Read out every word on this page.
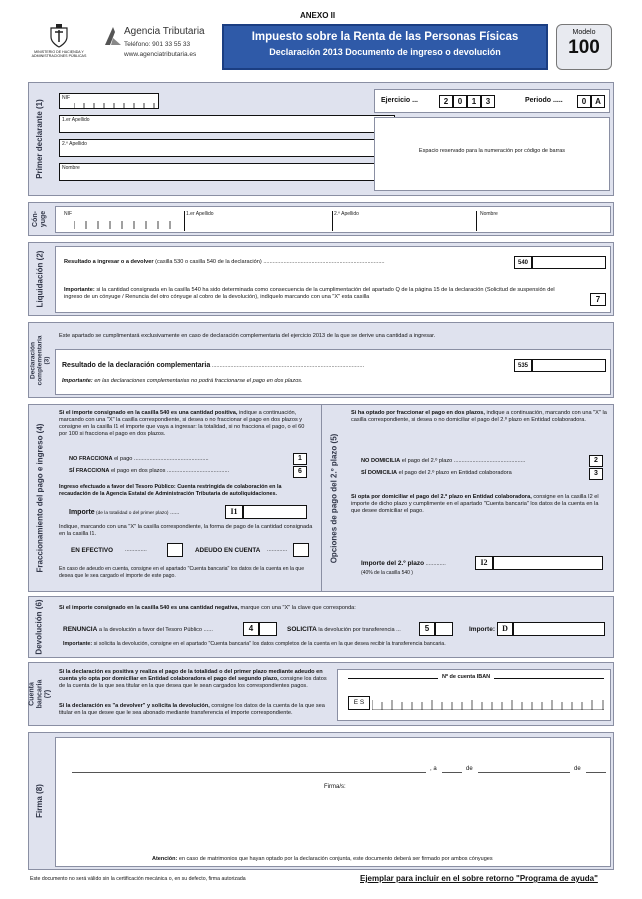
ANEXO II
MINISTERIO DE HACIENDA Y ADMINISTRACIONES PÚBLICAS
Agencia Tributaria
Teléfono: 901 33 55 33
www.agenciatributaria.es
Impuesto sobre la Renta de las Personas Físicas
Declaración 2013 Documento de ingreso o devolución
Modelo
100
Primer declarante (1)
NIF
1.er Apellido
2.º Apellido
Nombre
Ejercicio ...	2	0	1	3	Periodo .....	0	A
Espacio reservado para la numeración por código de barras
Cón- yuge	NIF	1.er Apellido	2.º Apellido	Nombre
Liquidación (2)	Resultado a ingresar o a devolver (casilla 530 o casilla 540 de la declaración) ..............................................................................	540
Importante: si la cantidad consignada en la casilla 540 ha sido determinada como consecuencia de la cumplimentación del apartado Q de la página 15 de la declaración (Solicitud de suspensión del ingreso de un cónyuge / Renuncia del otro cónyuge al cobro de la devolución), indíquelo marcando con una "X" esta casilla	7
Declaración complementaria (3)
Este apartado se cumplimentará exclusivamente en caso de declaración complementaria del ejercicio 2013 de la que se derive una cantidad a ingresar.
Resultado de la declaración complementaria ..................................................................................................	535
Importante: en las declaraciones complementarias no podrá fraccionarse el pago en dos plazos.
Fraccionamiento del pago e ingreso (4)
Si el importe consignado en la casilla 540 es una cantidad positiva, indique a continuación, marcando con una "X" la casilla correspondiente, si desea o no fraccionar el pago en dos plazos y consigne en la casilla I1 el importe que vaya a ingresar: la totalidad, si no fracciona el pago, o el 60 por 100 si fracciona el pago en dos plazos.
NO FRACCIONA el pago ................................................	1
SÍ FRACCIONA el pago en dos plazos ........................................	6
Ingreso efectuado a favor del Tesoro Público: Cuenta restringida de colaboración en la recaudación de la Agencia Estatal de Administración Tributaria de autoliquidaciones.
Importe (de la totalidad o del primer plazo) ......	I1
Indique, marcando con una "X" la casilla correspondiente, la forma de pago de la cantidad consignada en la casilla I1.
EN EFECTIVO ..............	ADEUDO EN CUENTA .............
En caso de adeudo en cuenta, consigne en el apartado "Cuenta bancaria" los datos de la cuenta en la que desea que le sea cargado el importe de este pago.
Opciones de pago del 2.º plazo (5)
Si ha optado por fraccionar el pago en dos plazos, indique a continuación, marcando con una "X" la casilla correspondiente, si desea o no domiciliar el pago del 2.º plazo en Entidad colaboradora.
NO DOMICILIA el pago del 2.º plazo ..............................................	2
SÍ DOMICILIA el pago del 2.º plazo en Entidad colaboradora	3
Si opta por domiciliar el pago del 2.º plazo en Entidad colaboradora, consigne en la casilla I2 el importe de dicho plazo y cumplimente en el apartado "Cuenta bancaria" los datos de la cuenta en la que desee domiciliar el pago.
Importe del 2.º plazo .............
(40% de la casilla 540 )
I2
Devolución (6)	Si el importe consignado en la casilla 540 es una cantidad negativa, marque con una "X" la clave que corresponda:
RENUNCIA a la devolución a favor del Tesoro Público ......	4	SOLICITA la devolución por transferencia ...	5	Importe: D
Importante: si solicita la devolución, consigne en el apartado "Cuenta bancaria" los datos completos de la cuenta en la que desea recibir la transferencia bancaria.
Cuenta bancaria (7)
Si la declaración es positiva y realiza el pago de la totalidad o del primer plazo mediante adeudo en cuenta y/o opta por domiciliar en Entidad colaboradora el pago del segundo plazo, consigne los datos de la cuenta de la que sea titular en la que desea que le sean cargados los correspondientes pagos.
Si la declaración es "a devolver" y solicita la devolución, consigne los datos de la cuenta de la que sea titular en la que desee que le sea abonado mediante transferencia el importe correspondiente.
Nº de cuenta IBAN
E S
Firma (8)
, a	de	de
Firma/s:
Atención: en caso de matrimonios que hayan optado por la declaración conjunta, este documento deberá ser firmado por ambos cónyuges
Este documento no será válido sin la certificación mecánica o, en su defecto, firma autorizada	Ejemplar para incluir en el sobre retorno "Programa de ayuda"
